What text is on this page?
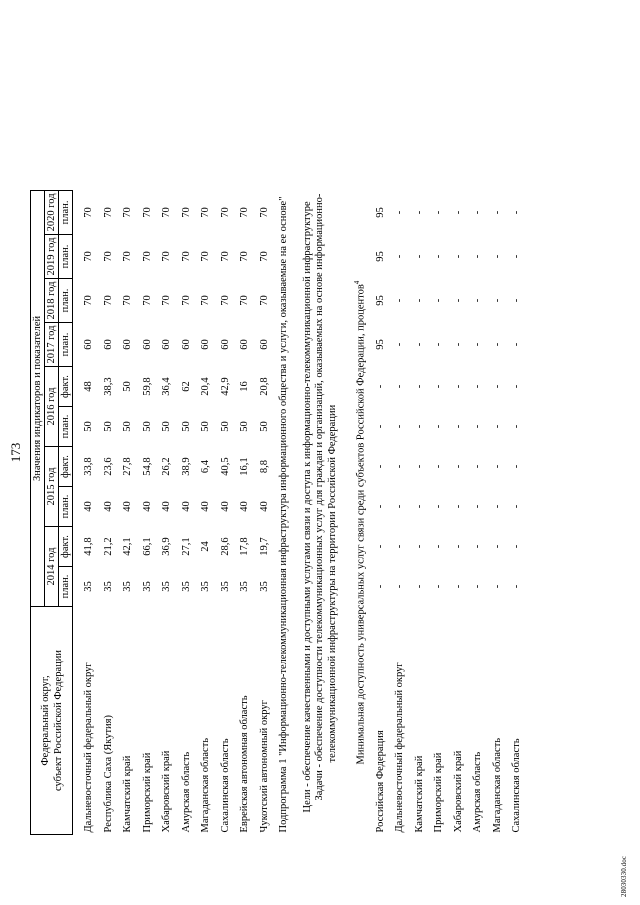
173
Федеральный округ, субъект Российской Федерации	Значения индикаторов и показателей									
	2014 год		2015 год		2016 год		2017 год	2018 год	2019 год	2020 год
	план.	факт.	план.	факт.	план.	факт.	план.	план.	план.	план.

Дальневосточный федеральный округ	35	41,8	40	33,8	50	48	60	70	70	70
Республика Саха (Якутия)	35	21,2	40	23,6	50	38,3	60	70	70	70
Камчатский край	35	42,1	40	27,8	50	50	60	70	70	70
Приморский край	35	66,1	40	54,8	50	59,8	60	70	70	70
Хабаровский край	35	36,9	40	26,2	50	36,4	60	70	70	70
Амурская область	35	27,1	40	38,9	50	62	60	70	70	70
Магаданская область	35	24	40	6,4	50	20,4	60	70	70	70
Сахалинская область	35	28,6	40	40,5	50	42,9	60	70	70	70
Еврейская автономная область	35	17,8	40	16,1	50	16	60	70	70	70
Чукотский автономный округ	35	19,7	40	8,8	50	20,8	60	70	70	70
Подпрограмма 1 "Информационно-телекоммуникационная инфраструктура информационного общества и услуги, оказываемые на ее основе"										

Цели - обеспечение качественными и доступными услугами связи и доступа к информационно-телекоммуникационной инфраструктуре Задачи - обеспечение доступности телекоммуникационных услуг для граждан и организаций, оказываемых на основе информационно- телекоммуникационной инфраструктуры на территории Российской Федерации										

Минимальная доступность универсальных услуг связи среди субъектов Российской Федерации, процентов$^4$
Российская Федерация	-	-	-	-	-	-	95	95	95	95
Дальневосточный федеральный округ	-	-	-	-	-	-	-	-	-	-
Камчатский край	-	-	-	-	-	-	-	-	-	-
Приморский край	-	-	-	-	-	-	-	-	-	-
Хабаровский край	-	-	-	-	-	-	-	-	-	-
Амурская область	-	-	-	-	-	-	-	-	-	-
Магаданская область	-	-	-	-	-	-	-	-	-	-
Сахалинская область	-	-	-	-	-	-	-	-	-	-
28030330.doc
